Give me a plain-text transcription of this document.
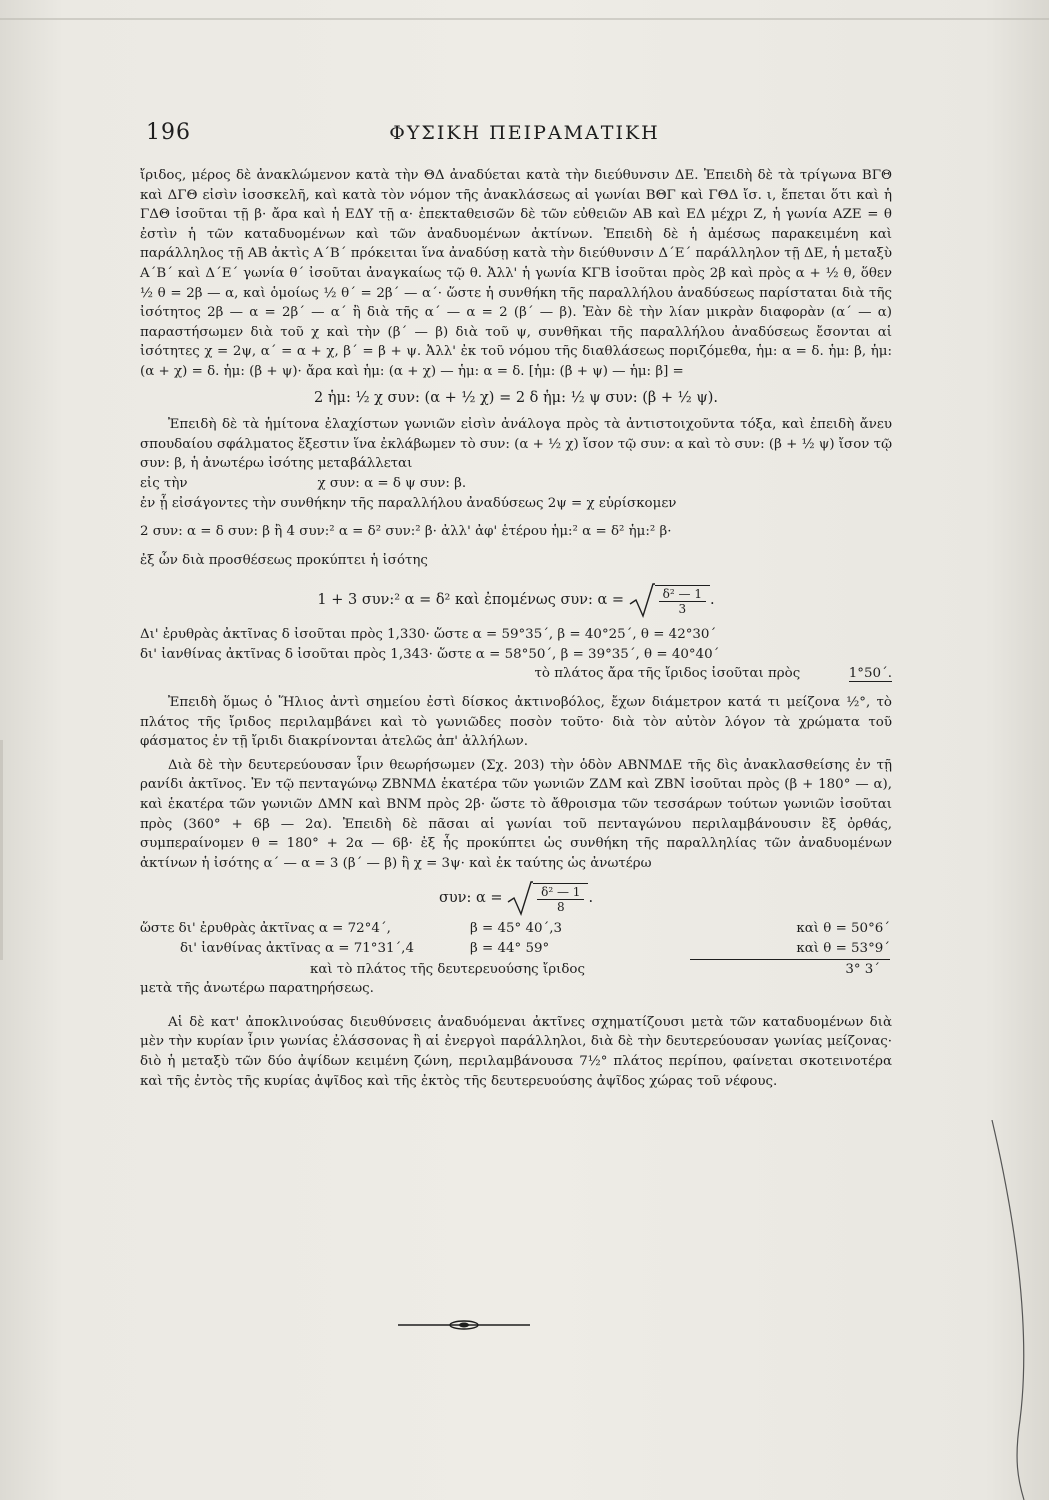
196	ΦΥΣΙΚΗ ΠΕΙΡΑΜΑΤΙΚΗ

ἴριδος, μέρος δὲ ἀνακλώμενον κατὰ τὴν ΘΔ ἀναδύεται κατὰ τὴν διεύθυνσιν ΔΕ. Ἐπειδὴ δὲ τὰ τρίγωνα ΒΓΘ καὶ ΔΓΘ εἰσὶν ἰσοσκελῆ, καὶ κατὰ τὸν νόμον τῆς ἀνακλάσεως αἱ γωνίαι ΒΘΓ καὶ ΓΘΔ ἴσ. ι, ἔπεται ὅτι καὶ ἡ ΓΔΘ ἰσοῦται τῇ β· ἄρα καὶ ἡ ΕΔΥ τῇ α· ἐπεκταθεισῶν δὲ τῶν εὐθειῶν ΑΒ καὶ ΕΔ μέχρι Ζ, ἡ γωνία ΑΖΕ = θ ἐστὶν ἡ τῶν καταδυομένων καὶ τῶν ἀναδυομένων ἀκτίνων. Ἐπειδὴ δὲ ἡ ἀμέσως παρακειμένη καὶ παράλληλος τῇ ΑΒ ἀκτὶς Α΄Β΄ πρόκειται ἵνα ἀναδύσῃ κατὰ τὴν διεύθυνσιν Δ΄Ε΄ παράλληλον τῇ ΔΕ, ἡ μεταξὺ Α΄Β΄ καὶ Δ΄Ε΄ γωνία θ΄ ἰσοῦται ἀναγκαίως τῷ θ. Ἀλλ' ἡ γωνία ΚΓΒ ἰσοῦται πρὸς 2β καὶ πρὸς α + ½ θ, ὅθεν ½ θ = 2β — α, καὶ ὁμοίως ½ θ΄ = 2β΄ — α΄· ὥστε ἡ συνθήκη τῆς παραλλήλου ἀναδύσεως παρίσταται διὰ τῆς ἰσότητος 2β — α = 2β΄ — α΄ ἢ διὰ τῆς α΄ — α = 2 (β΄ — β). Ἐὰν δὲ τὴν λίαν μικρὰν διαφορὰν (α΄ — α) παραστήσωμεν διὰ τοῦ χ καὶ τὴν (β΄ — β) διὰ τοῦ ψ, συνθῆκαι τῆς παραλλήλου ἀναδύσεως ἔσονται αἱ ἰσότητες χ = 2ψ, α΄ = α + χ, β΄ = β + ψ. Ἀλλ' ἐκ τοῦ νόμου τῆς διαθλάσεως ποριζόμεθα, ἡμ: α = δ. ἡμ: β, ἡμ: (α + χ) = δ. ἡμ: (β + ψ)· ἄρα καὶ ἡμ: (α + χ) — ἡμ: α = δ. [ἡμ: (β + ψ) — ἡμ: β] =

2 ἡμ: ½ χ συν: (α + ½ χ) = 2 δ ἡμ: ½ ψ συν: (β + ½ ψ).

Ἐπειδὴ δὲ τὰ ἡμίτονα ἐλαχίστων γωνιῶν εἰσὶν ἀνάλογα πρὸς τὰ ἀντιστοιχοῦντα τόξα, καὶ ἐπειδὴ ἄνευ σπουδαίου σφάλματος ἔξεστιν ἵνα ἐκλάβωμεν τὸ συν: (α + ½ χ) ἴσον τῷ συν: α καὶ τὸ συν: (β + ½ ψ) ἴσον τῷ συν: β, ἡ ἀνωτέρω ἰσότης μεταβάλλεται

εἰς τὴν	χ συν: α = δ ψ συν: β.

ἐν ᾗ εἰσάγοντες τὴν συνθήκην τῆς παραλλήλου ἀναδύσεως 2ψ = χ εὑρίσκομεν

2 συν: α = δ συν: β ἢ 4 συν:² α = δ² συν:² β· ἀλλ' ἀφ' ἑτέρου ἡμ:² α = δ² ἡμ:² β·

ἐξ ὧν διὰ προσθέσεως προκύπτει ἡ ἰσότης

1 + 3 συν:² α = δ² καὶ ἐπομένως συν: α =	$\frac{\text{δ² — 1}}{3}$ .

Δι' ἐρυθρὰς ἀκτῖνας δ ἰσοῦται πρὸς 1,330· ὥστε α = 59°35΄, β = 40°25΄, θ = 42°30΄

δι' ἰανθίνας ἀκτῖνας δ ἰσοῦται πρὸς 1,343· ὥστε α = 58°50΄, β = 39°35΄, θ = 40°40΄

τὸ πλάτος ἄρα τῆς ἴριδος ἰσοῦται πρὸς	1°50΄.

Ἐπειδὴ ὅμως ὁ Ἥλιος ἀντὶ σημείου ἐστὶ δίσκος ἀκτινοβόλος, ἔχων διάμετρον κατά τι μείζονα ½°, τὸ πλάτος τῆς ἴριδος περιλαμβάνει καὶ τὸ γωνιῶδες ποσὸν τοῦτο· διὰ τὸν αὐτὸν λόγον τὰ χρώματα τοῦ φάσματος ἐν τῇ ἴριδι διακρίνονται ἀτελῶς ἀπ' ἀλλήλων.

Διὰ δὲ τὴν δευτερεύουσαν ἶριν θεωρήσωμεν (Σχ. 203) τὴν ὁδὸν ΑΒΝΜΔΕ τῆς δὶς ἀνακλασθείσης ἐν τῇ ρανίδι ἀκτῖνος. Ἐν τῷ πενταγώνῳ ΖΒΝΜΔ ἑκατέρα τῶν γωνιῶν ΖΔΜ καὶ ΖΒΝ ἰσοῦται πρὸς (β + 180° — α), καὶ ἑκατέρα τῶν γωνιῶν ΔΜΝ καὶ ΒΝΜ πρὸς 2β· ὥστε τὸ ἄθροισμα τῶν τεσσάρων τούτων γωνιῶν ἰσοῦται πρὸς (360° + 6β — 2α). Ἐπειδὴ δὲ πᾶσαι αἱ γωνίαι τοῦ πενταγώνου περιλαμβάνουσιν ἓξ ὀρθάς, συμπεραίνομεν θ = 180° + 2α — 6β· ἐξ ἧς προκύπτει ὡς συνθήκη τῆς παραλληλίας τῶν ἀναδυομένων ἀκτίνων ἡ ἰσότης α΄ — α = 3 (β΄ — β) ἢ χ = 3ψ· καὶ ἐκ ταύτης ὡς ἀνωτέρω

συν: α =	$\frac{\text{δ² — 1}}{8}$ .

ὥστε δι' ἐρυθρὰς ἀκτῖνας α = 72°4΄,	β = 45° 40΄,3	καὶ θ = 50°6΄
δι' ἰανθίνας ἀκτῖνας α = 71°31΄,4	β = 44° 59°	καὶ θ = 53°9΄
καὶ τὸ πλάτος τῆς δευτερευούσης ἴριδος	3° 3΄

μετὰ τῆς ἀνωτέρω παρατηρήσεως.

Αἱ δὲ κατ' ἀποκλινούσας διευθύνσεις ἀναδυόμεναι ἀκτῖνες σχηματίζουσι μετὰ τῶν καταδυομένων διὰ μὲν τὴν κυρίαν ἶριν γωνίας ἐλάσσονας ἢ αἱ ἐνεργοὶ παράλληλοι, διὰ δὲ τὴν δευτερεύουσαν γωνίας μείζονας· διὸ ἡ μεταξὺ τῶν δύο ἀψίδων κειμένη ζώνη, περιλαμβάνουσα 7½° πλάτος περίπου, φαίνεται σκοτεινοτέρα καὶ τῆς ἐντὸς τῆς κυρίας ἀψῖδος καὶ τῆς ἐκτὸς τῆς δευτερευούσης ἀψῖδος χώρας τοῦ νέφους.
